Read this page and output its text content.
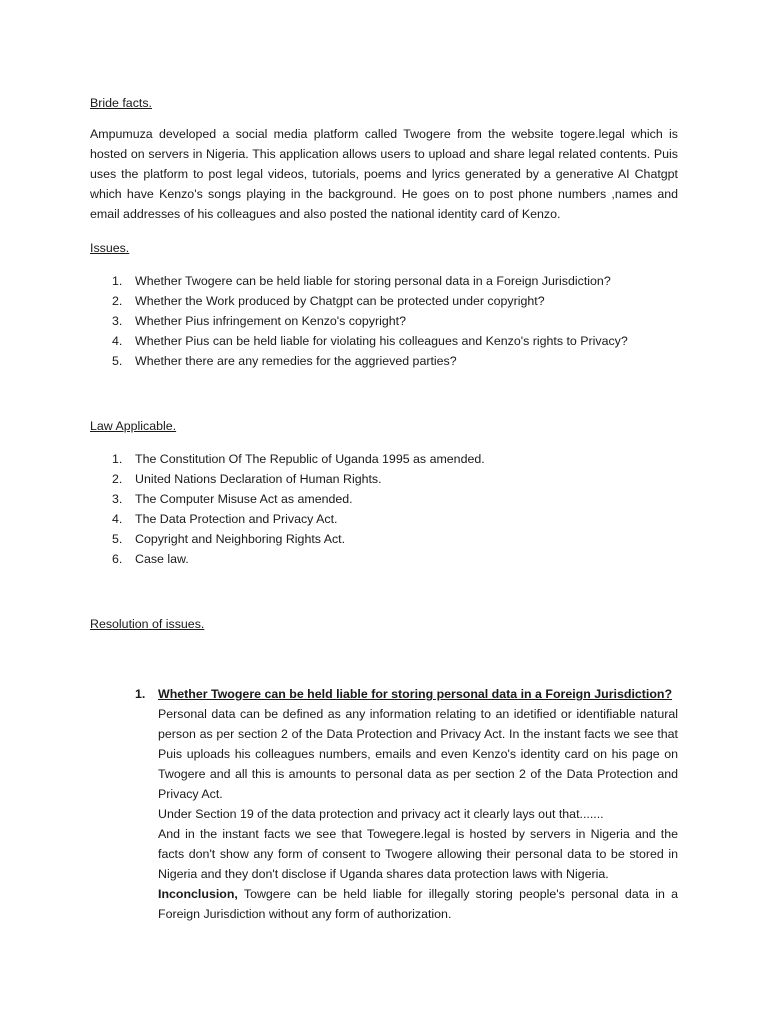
Bride facts.

Ampumuza developed a social media platform called Twogere from the website togere.legal which is hosted on servers in Nigeria. This application allows users to upload and share legal related contents. Puis uses the platform to post legal videos, tutorials, poems and lyrics generated by a generative AI Chatgpt which have Kenzo's songs playing in the background. He goes on to post phone numbers ,names and email addresses of his colleagues and also posted the national identity card of Kenzo.

Issues.

1. Whether Twogere can be held liable for storing personal data in a Foreign Jurisdiction?
2. Whether the Work produced by Chatgpt can be protected under copyright?
3. Whether Pius infringement on Kenzo's copyright?
4. Whether Pius can be held liable for violating his colleagues and Kenzo's rights to Privacy?
5. Whether there are any remedies for the aggrieved parties?

Law Applicable.

1. The Constitution Of The Republic of Uganda 1995 as amended.
2. United Nations Declaration of Human Rights.
3. The Computer Misuse Act as amended.
4. The Data Protection and Privacy Act.
5. Copyright and Neighboring Rights Act.
6. Case law.

Resolution of issues.

1. Whether Twogere can be held liable for storing personal data in a Foreign Jurisdiction?

Personal data can be defined as any information relating to an idetified or identifiable natural person as per section 2 of the Data Protection and Privacy Act. In the instant facts we see that Puis uploads his colleagues numbers, emails and even Kenzo's identity card on his page on Twogere and all this is amounts to personal data as per section 2 of the Data Protection and Privacy Act.

Under Section 19 of the data protection and privacy act it clearly lays out that.......

And in the instant facts we see that Towegere.legal is hosted by servers in Nigeria and the facts don't show any form of consent to Twogere allowing their personal data to be stored in Nigeria and they don't disclose if Uganda shares data protection laws with Nigeria.

Inconclusion, Towgere can be held liable for illegally storing people's personal data in a Foreign Jurisdiction without any form of authorization.
